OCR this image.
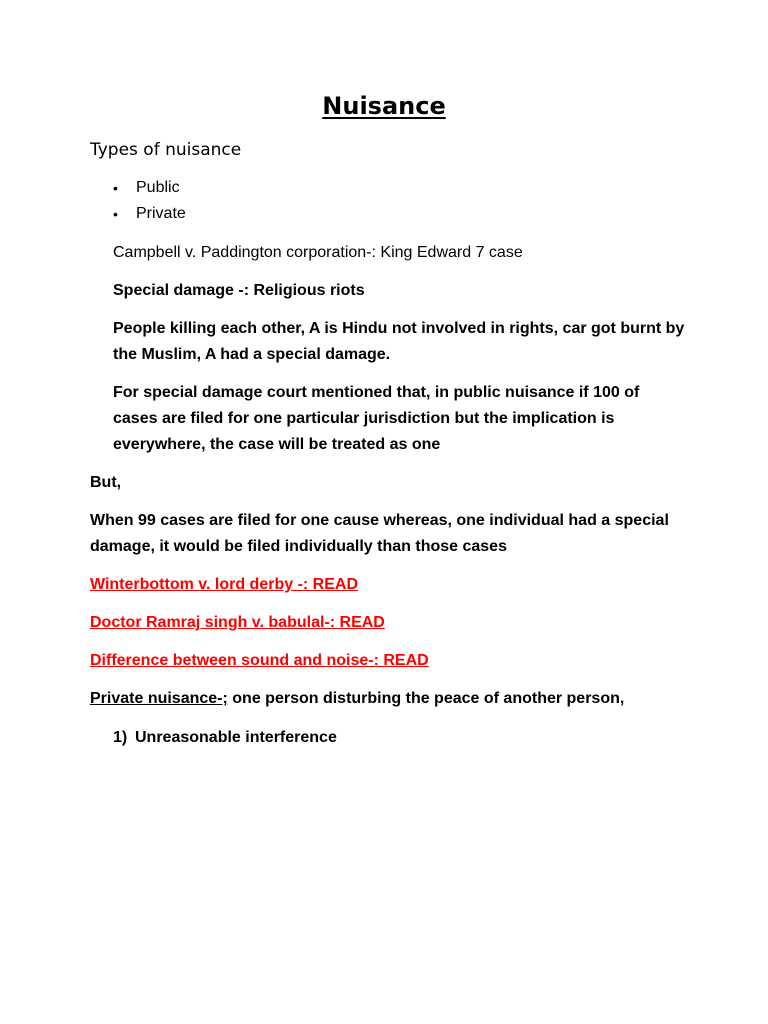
Nuisance

Types of nuisance

• Public
• Private

Campbell v. Paddington corporation-: King Edward 7 case

Special damage -: Religious riots

People killing each other, A is Hindu not involved in rights, car got burnt by the Muslim, A had a special damage.

For special damage court mentioned that, in public nuisance if 100 of cases are filed for one particular jurisdiction but the implication is everywhere, the case will be treated as one

But,

When 99 cases are filed for one cause whereas, one individual had a special damage, it would be filed individually than those cases

Winterbottom v. lord derby -: READ

Doctor Ramraj singh v. babulal-: READ

Difference between sound and noise-: READ

Private nuisance-; one person disturbing the peace of another person,

1) Unreasonable interference
